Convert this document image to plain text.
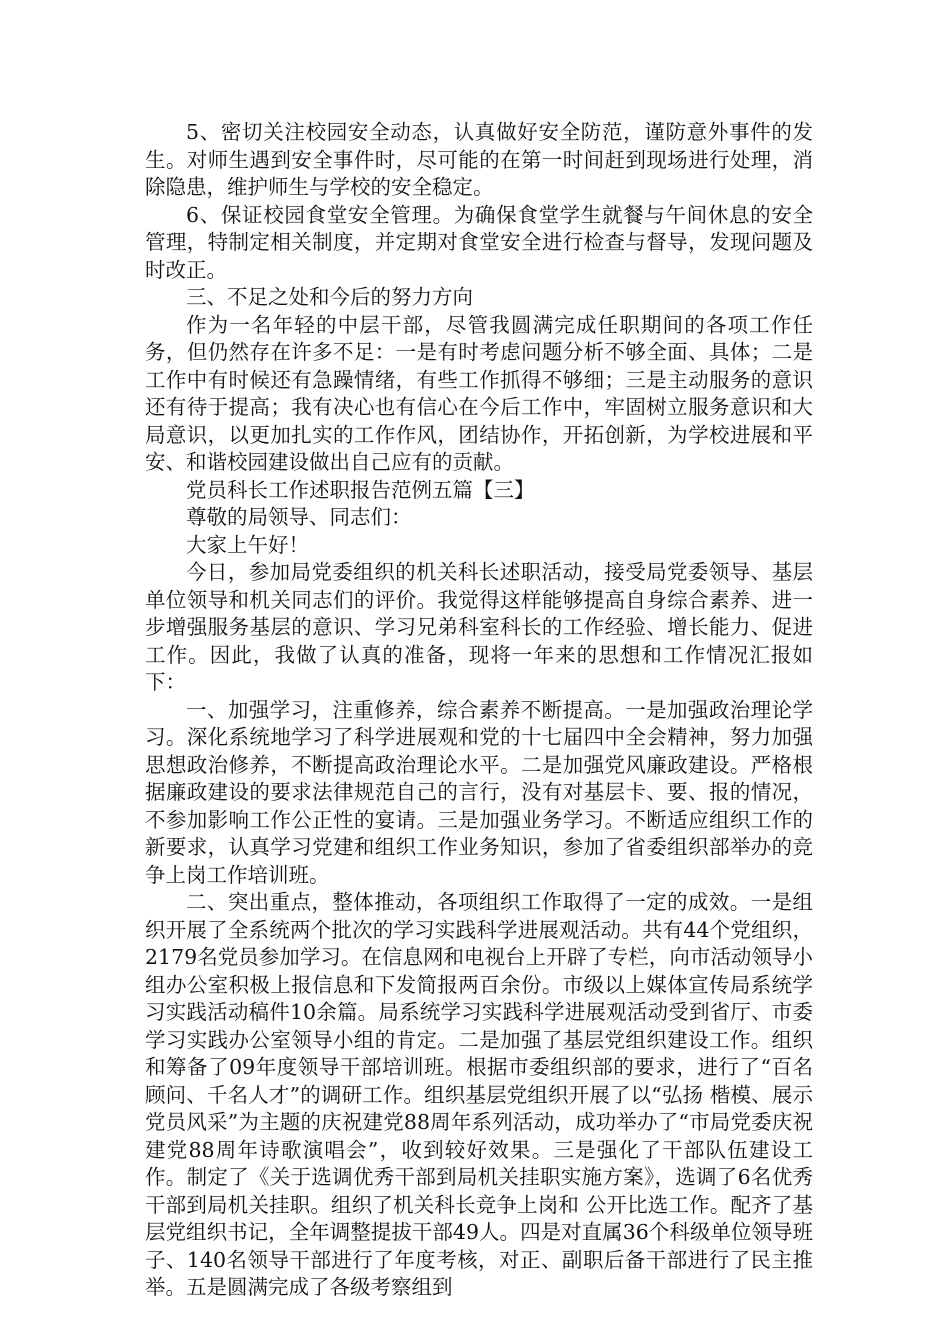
5、密切关注校园安全动态，认真做好安全防范，谨防意外事件的发生。对师生遇到安全事件时，尽可能的在第一时间赶到现场进行处理，消除隐患，维护师生与学校的安全稳定。

6、保证校园食堂安全管理。为确保食堂学生就餐与午间休息的安全管理，特制定相关制度，并定期对食堂安全进行检查与督导，发现问题及时改正。

三、不足之处和今后的努力方向

作为一名年轻的中层干部，尽管我圆满完成任职期间的各项工作任务，但仍然存在许多不足：一是有时考虑问题分析不够全面、具体；二是工作中有时候还有急躁情绪，有些工作抓得不够细；三是主动服务的意识还有待于提高；我有决心也有信心在今后工作中，牢固树立服务意识和大局意识，以更加扎实的工作作风，团结协作，开拓创新，为学校进展和平安、和谐校园建设做出自己应有的贡献。

党员科长工作述职报告范例五篇【三】

尊敬的局领导、同志们：

大家上午好！

今日，参加局党委组织的机关科长述职活动，接受局党委领导、基层单位领导和机关同志们的评价。我觉得这样能够提高自身综合素养、进一步增强服务基层的意识、学习兄弟科室科长的工作经验、增长能力、促进工作。因此，我做了认真的准备，现将一年来的思想和工作情况汇报如下：

一、加强学习，注重修养，综合素养不断提高。一是加强政治理论学习。深化系统地学习了科学进展观和党的十七届四中全会精神，努力加强思想政治修养，不断提高政治理论水平。二是加强党风廉政建设。严格根据廉政建设的要求法律规范自己的言行，没有对基层卡、要、报的情况，不参加影响工作公正性的宴请。三是加强业务学习。不断适应组织工作的新要求，认真学习党建和组织工作业务知识，参加了省委组织部举办的竞争上岗工作培训班。

二、突出重点，整体推动，各项组织工作取得了一定的成效。一是组织开展了全系统两个批次的学习实践科学进展观活动。共有44个党组织，2179名党员参加学习。在信息网和电视台上开辟了专栏，向市活动领导小组办公室积极上报信息和下发简报两百余份。市级以上媒体宣传局系统学习实践活动稿件10余篇。局系统学习实践科学进展观活动受到省厅、市委学习实践办公室领导小组的肯定。二是加强了基层党组织建设工作。组织和筹备了09年度领导干部培训班。根据市委组织部的要求，进行了“百名顾问、千名人才”的调研工作。组织基层党组织开展了以“弘扬 楷模、展示党员风采”为主题的庆祝建党88周年系列活动，成功举办了“市局党委庆祝建党88周年诗歌演唱会”，收到较好效果。三是强化了干部队伍建设工作。制定了《关于选调优秀干部到局机关挂职实施方案》，选调了6名优秀干部到局机关挂职。组织了机关科长竞争上岗和 公开比选工作。配齐了基层党组织书记，全年调整提拔干部49人。四是对直属36个科级单位领导班子、140名领导干部进行了年度考核，对正、副职后备干部进行了民主推举。五是圆满完成了各级考察组到
